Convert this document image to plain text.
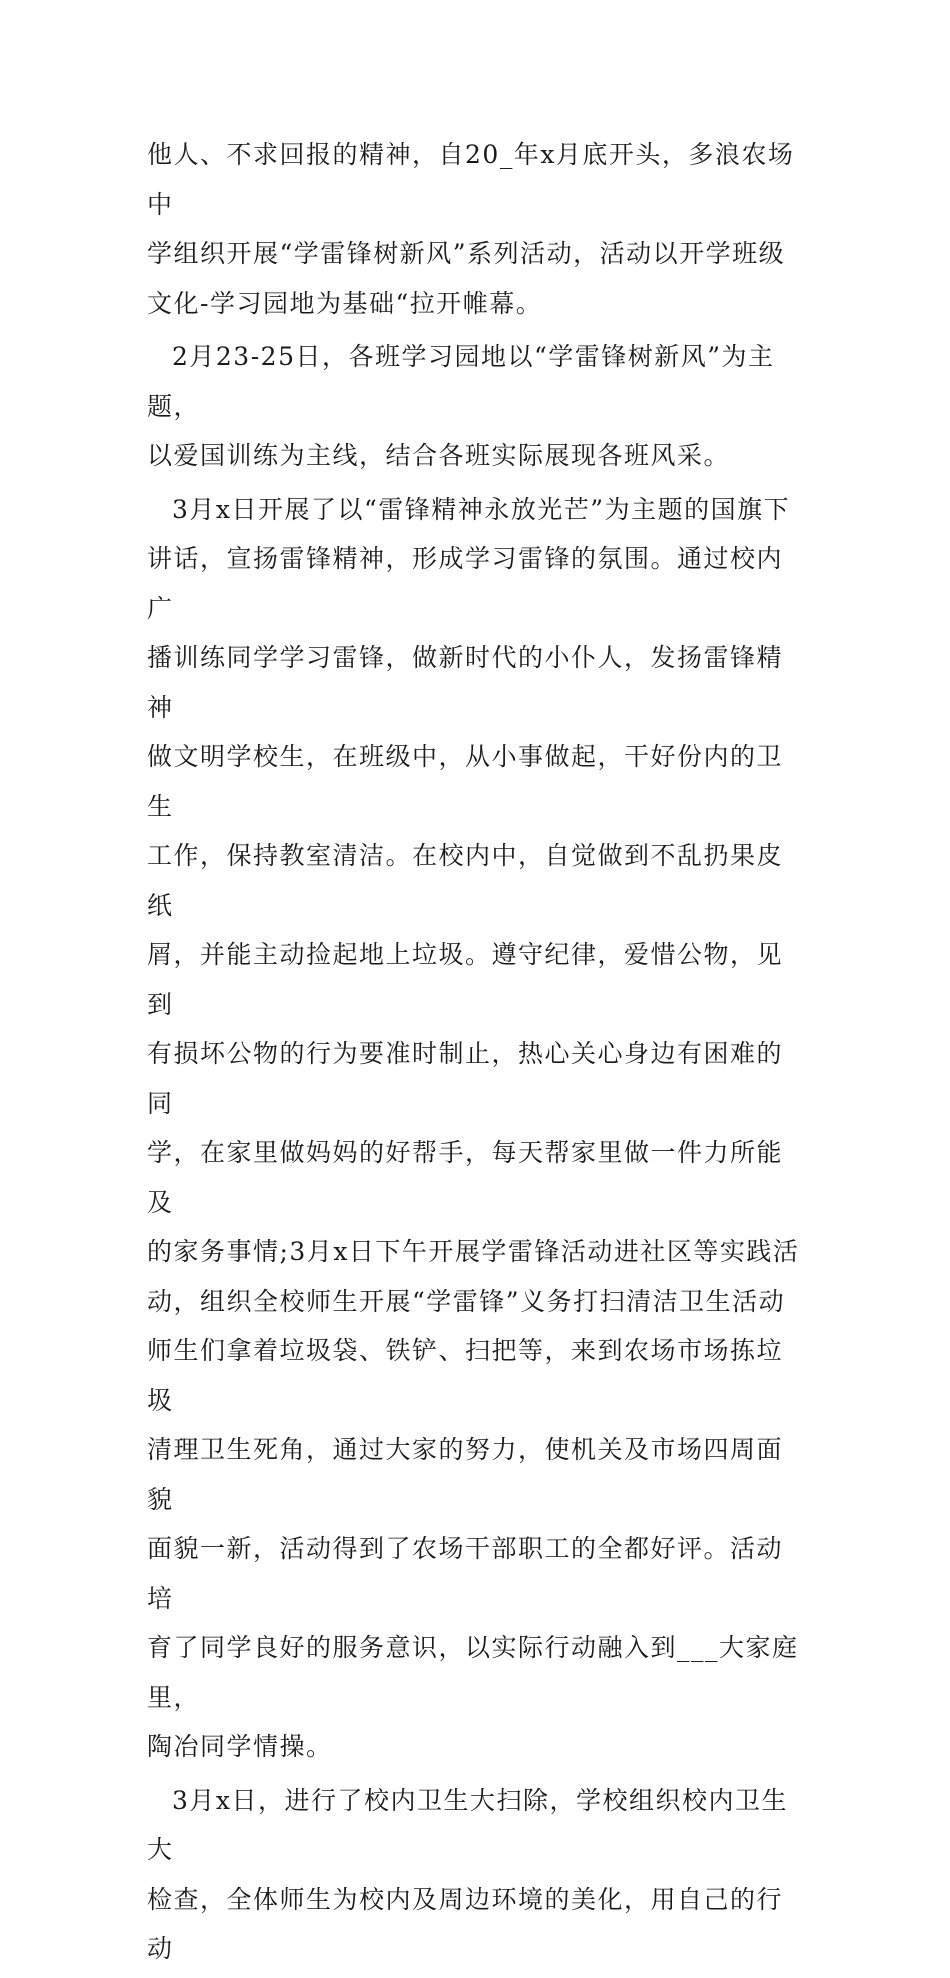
他人、不求回报的精神，自20_年x月底开头，多浪农场中
学组织开展“学雷锋树新风”系列活动，活动以开学班级
文化-学习园地为基础“拉开帷幕。
2月23-25日，各班学习园地以“学雷锋树新风”为主题，
以爱国训练为主线，结合各班实际展现各班风采。
3月x日开展了以“雷锋精神永放光芒”为主题的国旗下
讲话，宣扬雷锋精神，形成学习雷锋的氛围。通过校内广
播训练同学学习雷锋，做新时代的小仆人，发扬雷锋精神
做文明学校生，在班级中，从小事做起，干好份内的卫生
工作，保持教室清洁。在校内中，自觉做到不乱扔果皮纸
屑，并能主动捡起地上垃圾。遵守纪律，爱惜公物，见到
有损坏公物的行为要准时制止，热心关心身边有困难的同
学，在家里做妈妈的好帮手，每天帮家里做一件力所能及
的家务事情;3月x日下午开展学雷锋活动进社区等实践活
动，组织全校师生开展“学雷锋”义务打扫清洁卫生活动
师生们拿着垃圾袋、铁铲、扫把等，来到农场市场拣垃圾
清理卫生死角，通过大家的努力，使机关及市场四周面貌
面貌一新，活动得到了农场干部职工的全都好评。活动培
育了同学良好的服务意识，以实际行动融入到___大家庭里，
陶冶同学情操。
3月x日，进行了校内卫生大扫除，学校组织校内卫生大
检查，全体师生为校内及周边环境的美化，用自己的行动
